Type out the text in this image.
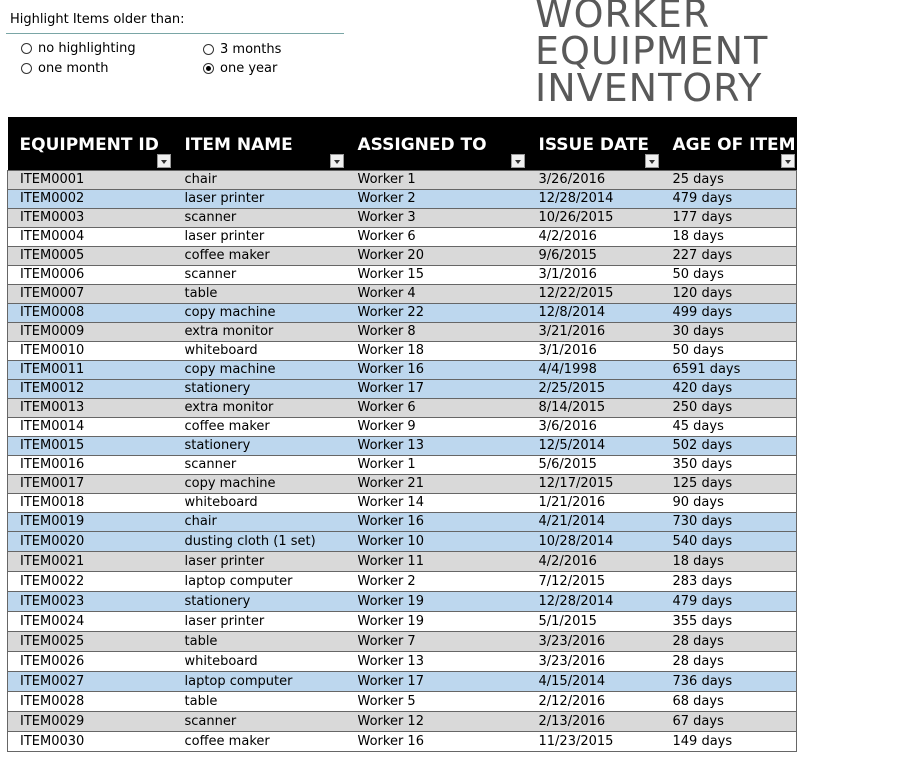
Highlight Items older than:
no highlighting	3 months
one month	one year
WORKER
EQUIPMENT
INVENTORY
EQUIPMENT ID	ITEM NAME	ASSIGNED TO	ISSUE DATE	AGE OF ITEM

ITEM0001	chair	Worker 1	3/26/2016	25 days
ITEM0002	laser printer	Worker 2	12/28/2014	479 days
ITEM0003	scanner	Worker 3	10/26/2015	177 days
ITEM0004	laser printer	Worker 6	4/2/2016	18 days
ITEM0005	coffee maker	Worker 20	9/6/2015	227 days
ITEM0006	scanner	Worker 15	3/1/2016	50 days
ITEM0007	table	Worker 4	12/22/2015	120 days
ITEM0008	copy machine	Worker 22	12/8/2014	499 days
ITEM0009	extra monitor	Worker 8	3/21/2016	30 days
ITEM0010	whiteboard	Worker 18	3/1/2016	50 days
ITEM0011	copy machine	Worker 16	4/4/1998	6591 days
ITEM0012	stationery	Worker 17	2/25/2015	420 days
ITEM0013	extra monitor	Worker 6	8/14/2015	250 days
ITEM0014	coffee maker	Worker 9	3/6/2016	45 days
ITEM0015	stationery	Worker 13	12/5/2014	502 days
ITEM0016	scanner	Worker 1	5/6/2015	350 days
ITEM0017	copy machine	Worker 21	12/17/2015	125 days
ITEM0018	whiteboard	Worker 14	1/21/2016	90 days
ITEM0019	chair	Worker 16	4/21/2014	730 days
ITEM0020	dusting cloth (1 set)	Worker 10	10/28/2014	540 days
ITEM0021	laser printer	Worker 11	4/2/2016	18 days
ITEM0022	laptop computer	Worker 2	7/12/2015	283 days
ITEM0023	stationery	Worker 19	12/28/2014	479 days
ITEM0024	laser printer	Worker 19	5/1/2015	355 days
ITEM0025	table	Worker 7	3/23/2016	28 days
ITEM0026	whiteboard	Worker 13	3/23/2016	28 days
ITEM0027	laptop computer	Worker 17	4/15/2014	736 days
ITEM0028	table	Worker 5	2/12/2016	68 days
ITEM0029	scanner	Worker 12	2/13/2016	67 days
ITEM0030	coffee maker	Worker 16	11/23/2015	149 days
